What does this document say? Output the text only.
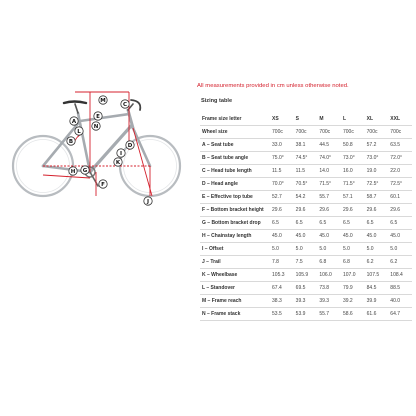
M
E
N
C
A
L
B
D
I
K
H G
F
J
All measurements provided in cm unless otherwise noted.
Sizing table
Frame size letter	XS	S	M	L	XL	XXL
Wheel size	700c	700c	700c	700c	700c	700c
A – Seat tube	33.0	38.1	44.5	50.8	57.2	63.5
B – Seat tube angle	75.0°	74.5°	74.0°	73.0°	73.0°	72.0°
C – Head tube length	11.5	11.5	14.0	16.0	19.0	22.0
D – Head angle	70.0°	70.5°	71.5°	71.5°	72.5°	72.5°
E – Effective top tube	52.7	54.2	55.7	57.1	58.7	60.1
F – Bottom bracket height	29.6	29.6	29.6	29.6	29.6	29.6
G – Bottom bracket drop	6.5	6.5	6.5	6.5	6.5	6.5
H – Chainstay length	45.0	45.0	45.0	45.0	45.0	45.0
I – Offset	5.0	5.0	5.0	5.0	5.0	5.0
J – Trail	7.8	7.5	6.8	6.8	6.2	6.2
K – Wheelbase	105.3	105.9	106.0	107.0	107.5	108.4
L – Standover	67.4	69.5	73.8	79.9	84.5	88.5
M – Frame reach	38.3	39.3	39.3	39.2	39.9	40.0
N – Frame stack	53.5	53.9	55.7	58.6	61.6	64.7
